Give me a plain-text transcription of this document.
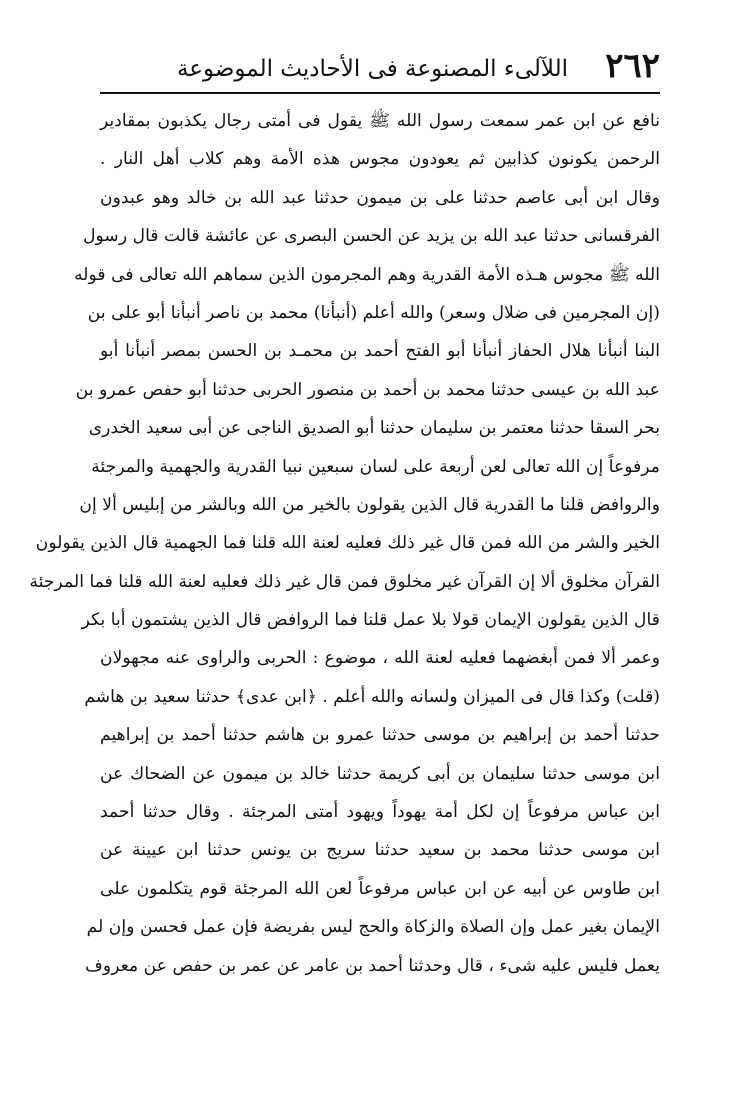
٢٦٢
اللآلىء المصنوعة فى الأحاديث الموضوعة
نافع عن ابن عمر سمعت رسول الله ﷺ يقول فى أمتى رجال يكذبون بمقادير
الرحمن يكونون كذابين ثم يعودون مجوس هذه الأمة وهم كلاب أهل النار .
وقال ابن أبى عاصم حدثنا على بن ميمون حدثنا عبد الله بن خالد وهو عبدون
الفرقسانى حدثنا عبد الله بن يزيد عن الحسن البصرى عن عائشة قالت قال رسول
الله ﷺ مجوس هـذه الأمة القدرية وهم المجرمون الذين سماهم الله تعالى فى قوله
(إن المجرمين فى ضلال وسعر) والله أعلم (أنبأنا) محمد بن ناصر أنبأنا أبو على بن
البنا أنبأنا هلال الحفاز أنبأنا أبو الفتح أحمد بن محمـد بن الحسن بمصر أنبأنا أبو
عبد الله بن عيسى حدثنا محمد بن أحمد بن منصور الحربى حدثنا أبو حفص عمرو بن
بحر السقا حدثنا معتمر بن سليمان حدثنا أبو الصديق الناجى عن أبى سعيد الخدرى
مرفوعاً إن الله تعالى لعن أربعة على لسان سبعين نبيا القدرية والجهمية والمرجئة
والروافض قلنا ما القدرية قال الذين يقولون بالخير من الله وبالشر من إبليس ألا إن
الخير والشر من الله فمن قال غير ذلك فعليه لعنة الله قلنا فما الجهمية قال الذين يقولون
القرآن مخلوق ألا إن القرآن غير مخلوق فمن قال غير ذلك فعليه لعنة الله قلنا فما المرجئة
قال الذين يقولون الإيمان قولا بلا عمل قلنا فما الروافض قال الذين يشتمون أبا بكر
وعمر ألا فمن أبغضهما فعليه لعنة الله ، موضوع : الحربى والراوى عنه مجهولان
(قلت) وكذا قال فى الميزان ولسانه والله أعلم . ﴿ابن عدى﴾ حدثنا سعيد بن هاشم
حدثنا أحمد بن إبراهيم بن موسى حدثنا عمرو بن هاشم حدثنا أحمد بن إبراهيم
ابن موسى حدثنا سليمان بن أبى كريمة حدثنا خالد بن ميمون عن الضحاك عن
ابن عباس مرفوعاً إن لكل أمة يهوداً ويهود أمتى المرجئة . وقال حدثنا أحمد
ابن موسى حدثنا محمد بن سعيد حدثنا سريج بن يونس حدثنا ابن عيينة عن
ابن طاوس عن أبيه عن ابن عباس مرفوعاً لعن الله المرجئة قوم يتكلمون على
الإيمان بغير عمل وإن الصلاة والزكاة والحج ليس بفريضة فإن عمل فحسن وإن لم
يعمل فليس عليه شىء ، قال وحدثنا أحمد بن عامر عن عمر بن حفص عن معروف
